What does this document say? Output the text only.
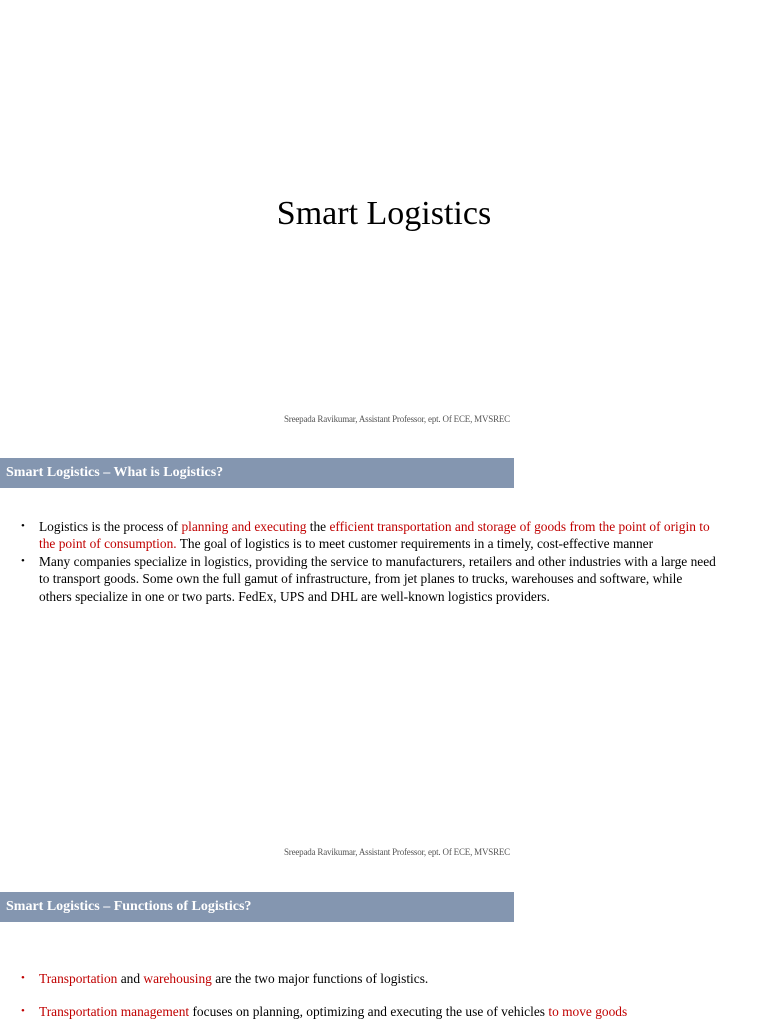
Smart Logistics
Sreepada Ravikumar, Assistant Professor, ept. Of ECE, MVSREC
Smart Logistics – What is Logistics?
• Logistics is the process of planning and executing the efficient transportation and storage of goods from the point of origin to the point of consumption. The goal of logistics is to meet customer requirements in a timely, cost-effective manner
• Many companies specialize in logistics, providing the service to manufacturers, retailers and other industries with a large need to transport goods. Some own the full gamut of infrastructure, from jet planes to trucks, warehouses and software, while others specialize in one or two parts. FedEx, UPS and DHL are well-known logistics providers.
Sreepada Ravikumar, Assistant Professor, ept. Of ECE, MVSREC
Smart Logistics – Functions of Logistics?
• Transportation and warehousing are the two major functions of logistics.
• Transportation management focuses on planning, optimizing and executing the use of vehicles to move goods
